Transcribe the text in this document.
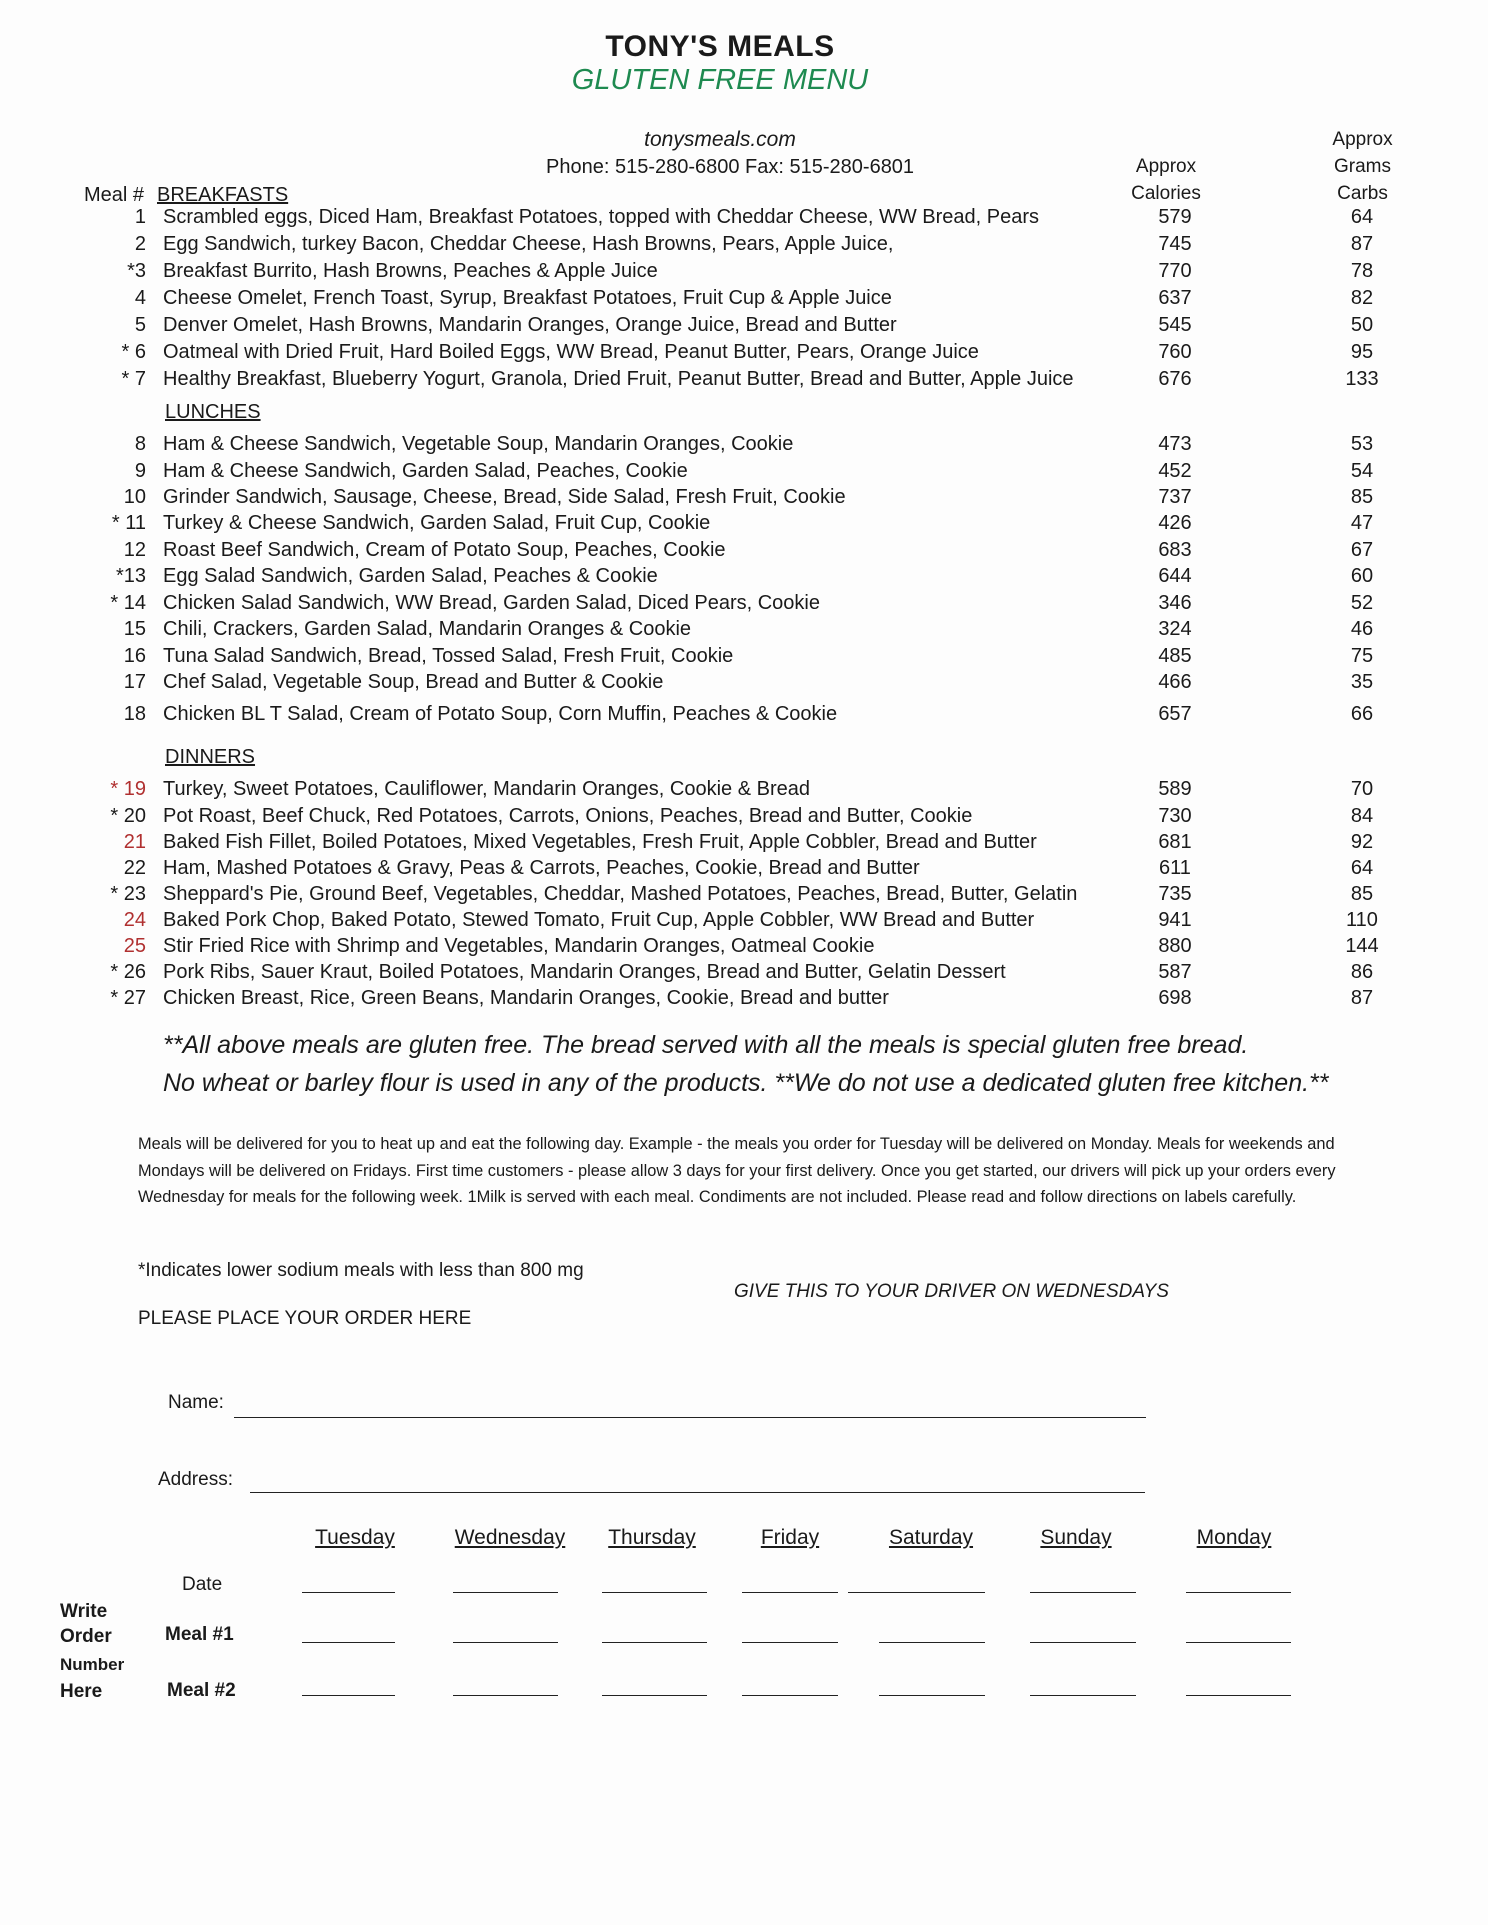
TONY'S MEALS
GLUTEN FREE MENU
tonysmeals.com
Phone: 515-280-6800 Fax: 515-280-6801	Approx
Calories
Approx
Grams
Carbs
Meal # BREAKFASTS
LUNCHES
DINNERS
1 Scrambled eggs, Diced Ham, Breakfast Potatoes, topped with Cheddar Cheese, WW Bread, Pears	579	64
2 Egg Sandwich, turkey Bacon, Cheddar Cheese, Hash Browns, Pears, Apple Juice,	745	87
*3 Breakfast Burrito, Hash Browns, Peaches & Apple Juice	770	78
4 Cheese Omelet, French Toast, Syrup, Breakfast Potatoes, Fruit Cup & Apple Juice	637	82
5 Denver Omelet, Hash Browns, Mandarin Oranges, Orange Juice, Bread and Butter	545	50
* 6 Oatmeal with Dried Fruit, Hard Boiled Eggs, WW Bread, Peanut Butter, Pears, Orange Juice	760	95
* 7 Healthy Breakfast, Blueberry Yogurt, Granola, Dried Fruit, Peanut Butter, Bread and Butter, Apple Juice	676	133
8 Ham & Cheese Sandwich, Vegetable Soup, Mandarin Oranges, Cookie	473	53
9 Ham & Cheese Sandwich, Garden Salad, Peaches, Cookie	452	54
10 Grinder Sandwich, Sausage, Cheese, Bread, Side Salad, Fresh Fruit, Cookie	737	85
* 11 Turkey & Cheese Sandwich, Garden Salad, Fruit Cup, Cookie	426	47
12 Roast Beef Sandwich, Cream of Potato Soup, Peaches, Cookie	683	67
*13 Egg Salad Sandwich, Garden Salad, Peaches & Cookie	644	60
* 14 Chicken Salad Sandwich, WW Bread, Garden Salad, Diced Pears, Cookie	346	52
15 Chili, Crackers, Garden Salad, Mandarin Oranges & Cookie	324	46
16 Tuna Salad Sandwich, Bread, Tossed Salad, Fresh Fruit, Cookie	485	75
17 Chef Salad, Vegetable Soup, Bread and Butter & Cookie	466	35
18 Chicken BL T Salad, Cream of Potato Soup, Corn Muffin, Peaches & Cookie	657	66
* 19 Turkey, Sweet Potatoes, Cauliflower, Mandarin Oranges, Cookie & Bread	589	70
* 20 Pot Roast, Beef Chuck, Red Potatoes, Carrots, Onions, Peaches, Bread and Butter, Cookie	730	84
21 Baked Fish Fillet, Boiled Potatoes, Mixed Vegetables, Fresh Fruit, Apple Cobbler, Bread and Butter	681	92
22 Ham, Mashed Potatoes & Gravy, Peas & Carrots, Peaches, Cookie, Bread and Butter	611	64
* 23 Sheppard's Pie, Ground Beef, Vegetables, Cheddar, Mashed Potatoes, Peaches, Bread, Butter, Gelatin	735	85
24 Baked Pork Chop, Baked Potato, Stewed Tomato, Fruit Cup, Apple Cobbler, WW Bread and Butter	941	110
25 Stir Fried Rice with Shrimp and Vegetables, Mandarin Oranges, Oatmeal Cookie	880	144
* 26 Pork Ribs, Sauer Kraut, Boiled Potatoes, Mandarin Oranges, Bread and Butter, Gelatin Dessert	587	86
* 27 Chicken Breast, Rice, Green Beans, Mandarin Oranges, Cookie, Bread and butter	698	87
**All above meals are gluten free. The bread served with all the meals is special gluten free bread.
No wheat or barley flour is used in any of the products. **We do not use a dedicated gluten free kitchen.**
Meals will be delivered for you to heat up and eat the following day. Example - the meals you order for Tuesday will be delivered on Monday. Meals for weekends and Mondays will be delivered on Fridays. First time customers - please allow 3 days for your first delivery. Once you get started, our drivers will pick up your orders every Wednesday for meals for the following week. 1Milk is served with each meal. Condiments are not included. Please read and follow directions on labels carefully.
*Indicates lower sodium meals with less than 800 mg
GIVE THIS TO YOUR DRIVER ON WEDNESDAYS
PLEASE PLACE YOUR ORDER HERE
Name:
Address:
Tuesday	Wednesday	Thursday	Friday	Saturday	Sunday	Monday
Date
Meal #1
Meal #2
Write
Order
Number
Here
